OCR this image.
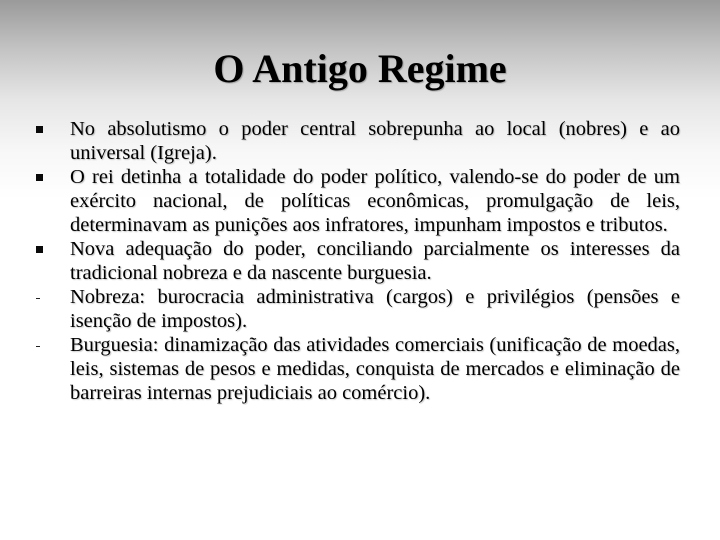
O Antigo Regime
No absolutismo o poder central sobrepunha ao local (nobres) e ao universal (Igreja).
O rei detinha a totalidade do poder político, valendo-se do poder de um exército nacional, de políticas econômicas, promulgação de leis, determinavam as punições aos infratores, impunham impostos e tributos.
Nova adequação do poder, conciliando parcialmente os interesses da tradicional nobreza e da nascente burguesia.
Nobreza: burocracia administrativa (cargos) e privilégios (pensões e isenção de impostos).
Burguesia: dinamização das atividades comerciais (unificação de moedas, leis, sistemas de pesos e medidas, conquista de mercados e eliminação de barreiras internas prejudiciais ao comércio).
